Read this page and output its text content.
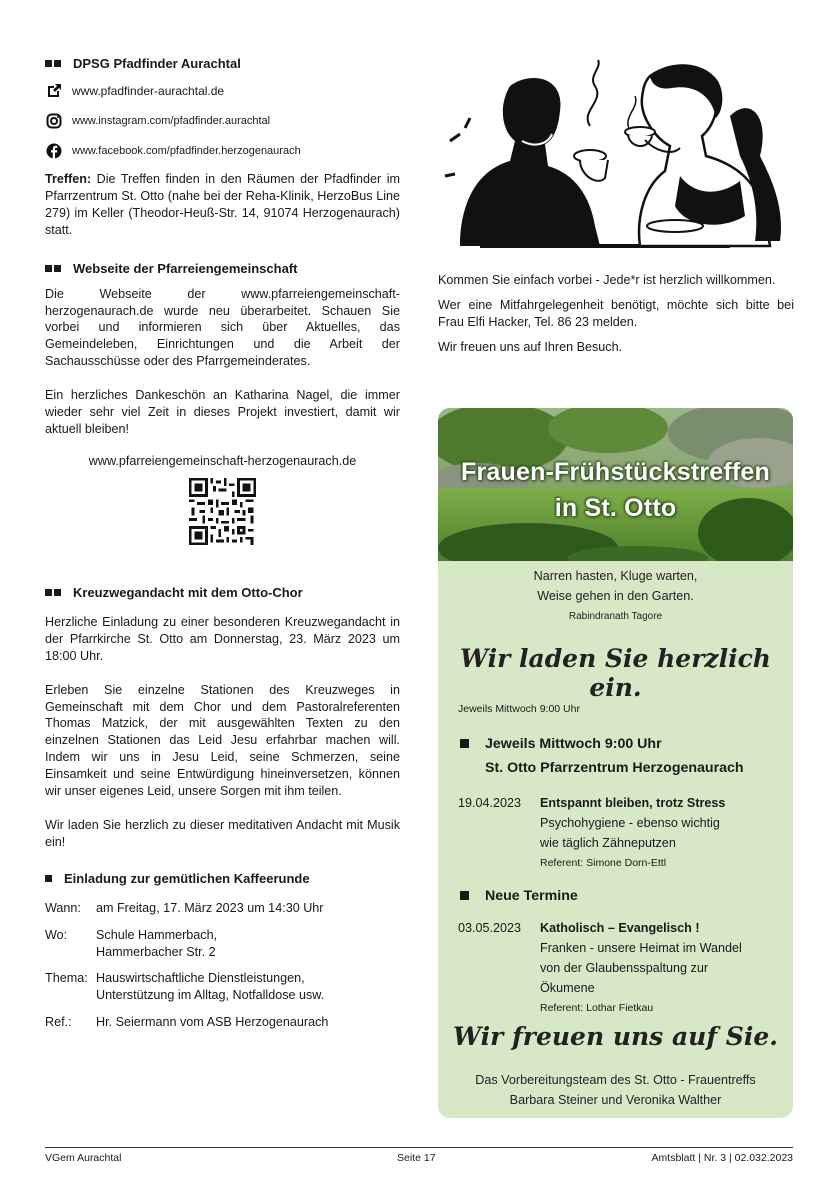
DPSG Pfadfinder Aurachtal
www.pfadfinder-aurachtal.de
www.instagram.com/pfadfinder.aurachtal
www.facebook.com/pfadfinder.herzogenaurach

Treffen: Die Treffen finden in den Räumen der Pfadfinder im Pfarrzentrum St. Otto (nahe bei der Reha-Klinik, HerzoBus Line 279) im Keller (Theodor-Heuß-Str. 14, 91074 Herzogenaurach) statt.

Webseite der Pfarreiengemeinschaft

Die Webseite der www.pfarreiengemeinschaft-herzogenaurach.de wurde neu überarbeitet. Schauen Sie vorbei und informieren sich über Aktuelles, das Gemeindeleben, Einrichtungen und die Arbeit der Sachausschüsse oder des Pfarrgemeinderates.

Ein herzliches Dankeschön an Katharina Nagel, die immer wieder sehr viel Zeit in dieses Projekt investiert, damit wir aktuell bleiben!

www.pfarreiengemeinschaft-herzogenaurach.de

Kreuzwegandacht mit dem Otto-Chor

Herzliche Einladung zu einer besonderen Kreuzwegandacht in der Pfarrkirche St. Otto am Donnerstag, 23. März 2023 um 18:00 Uhr.

Erleben Sie einzelne Stationen des Kreuzweges in Gemeinschaft mit dem Chor und dem Pastoralreferenten Thomas Matzick, der mit ausgewählten Texten zu den einzelnen Stationen das Leid Jesu erfahrbar machen will. Indem wir uns in Jesu Leid, seine Schmerzen, seine Einsamkeit und seine Entwürdigung hineinversetzen, können wir unser eigenes Leid, unsere Sorgen mit ihm teilen.

Wir laden Sie herzlich zu dieser meditativen Andacht mit Musik ein!

Einladung zur gemütlichen Kaffeerunde
Wann:	am Freitag, 17. März 2023 um 14:30 Uhr
Wo:	Schule Hammerbach,
Hammerbacher Str. 2
Thema: Hauswirtschaftliche Dienstleistungen,
Unterstützung im Alltag, Notfalldose usw.
Ref.:	Hr. Seiermann vom ASB Herzogenaurach

Kommen Sie einfach vorbei - Jede*r ist herzlich willkommen.

Wer eine Mitfahrgelegenheit benötigt, möchte sich bitte bei Frau Elfi Hacker, Tel. 86 23 melden.

Wir freuen uns auf Ihren Besuch.

Frauen-Frühstückstreffen
in St. Otto
Narren hasten, Kluge warten,
Weise gehen in den Garten.
Rabindranath Tagore
Wir laden Sie herzlich ein.
Jeweils Mittwoch 9:00 Uhr
Jeweils Mittwoch 9:00 Uhr
St. Otto Pfarrzentrum Herzogenaurach
19.04.2023	Entspannt bleiben, trotz Stress
Psychohygiene - ebenso wichtig
wie täglich Zähneputzen
Referent: Simone Dorn-Ettl
Neue Termine
03.05.2023	Katholisch – Evangelisch !
Franken - unsere Heimat im Wandel
von der Glaubensspaltung zur
Ökumene
Referent: Lothar Fietkau
Wir freuen uns auf Sie.
Das Vorbereitungsteam des St. Otto - Frauentreffs
Barbara Steiner und Veronika Walther
VGem Aurachtal	Seite 17	Amtsblatt | Nr. 3 | 02.032.2023
